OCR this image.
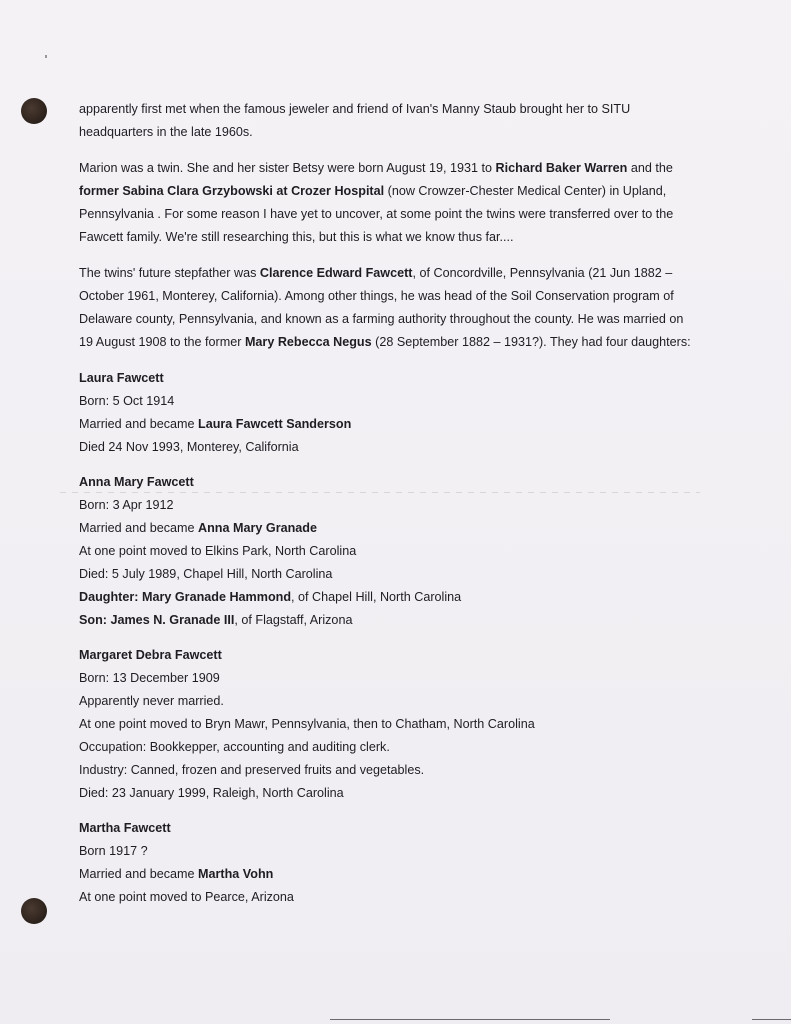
apparently first met when the famous jeweler and friend of Ivan's Manny Staub brought her to SITU
headquarters in the late 1960s.
Marion was a twin. She and her sister Betsy were born August 19, 1931 to Richard Baker Warren and the
former Sabina Clara Grzybowski at Crozer Hospital (now Crowzer-Chester Medical Center) in Upland,
Pennsylvania . For some reason I have yet to uncover, at some point the twins were transferred over to the
Fawcett family. We're still researching this, but this is what we know thus far....
The twins' future stepfather was Clarence Edward Fawcett, of Concordville, Pennsylvania (21 Jun 1882 –
October 1961, Monterey, California). Among other things, he was head of the Soil Conservation program of
Delaware county, Pennsylvania, and known as a farming authority throughout the county. He was married on
19 August 1908 to the former Mary Rebecca Negus (28 September 1882 – 1931?). They had four daughters:
Laura Fawcett
Born: 5 Oct 1914
Married and became Laura Fawcett Sanderson
Died 24 Nov 1993, Monterey, California
Anna Mary Fawcett
Born: 3 Apr 1912
Married and became Anna Mary Granade
At one point moved to Elkins Park, North Carolina
Died: 5 July 1989, Chapel Hill, North Carolina
Daughter: Mary Granade Hammond, of Chapel Hill, North Carolina
Son: James N. Granade III, of Flagstaff, Arizona
Margaret Debra Fawcett
Born: 13 December 1909
Apparently never married.
At one point moved to Bryn Mawr, Pennsylvania, then to Chatham, North Carolina
Occupation: Bookkepper, accounting and auditing clerk.
Industry: Canned, frozen and preserved fruits and vegetables.
Died: 23 January 1999, Raleigh, North Carolina
Martha Fawcett
Born 1917 ?
Married and became Martha Vohn
At one point moved to Pearce, Arizona
